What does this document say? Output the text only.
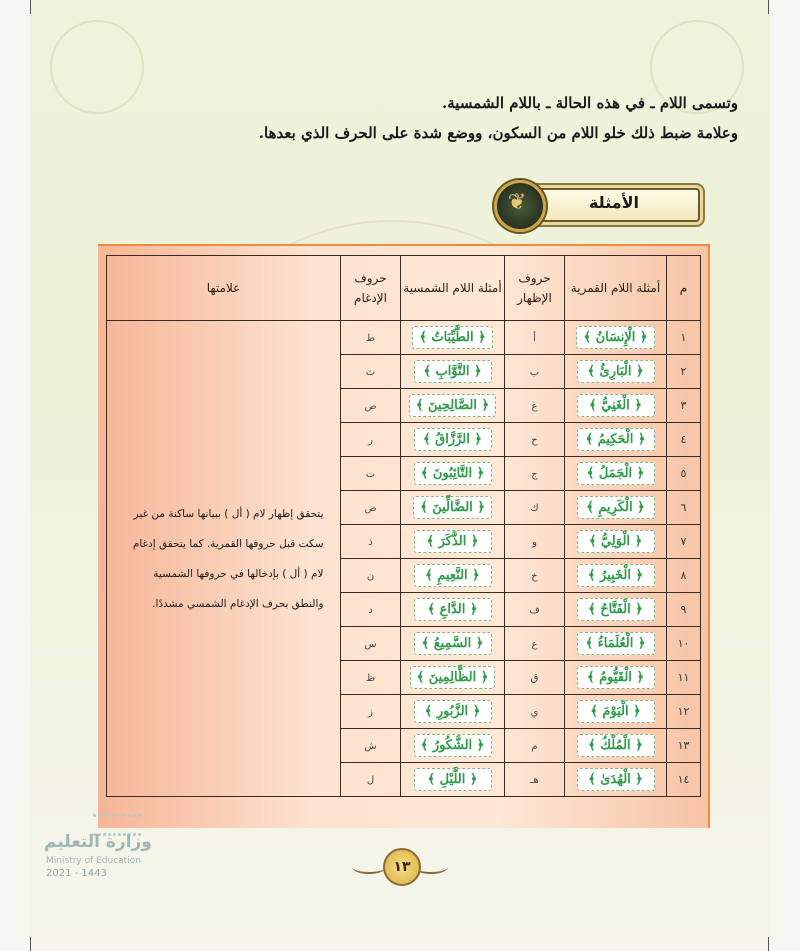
وتسمى اللام ـ في هذه الحالة ـ باللام الشمسية.
وعلامة ضبط ذلك خلو اللام من السكون، ووضع شدة على الحرف الذي بعدها.
الأمثلة
❦
م	أمثلة اللام القمرية	حروف الإظهار	أمثلة اللام الشمسية	حروف الإدغام	علامتها
١	﴿ الْإِنسَانُ ﴾	أ	﴿ الطَّيِّبَاتُ ﴾	ط	يتحقق إظهار لام ( أل ) ببيانها ساكنة من غير سكت قبل حروفها القمرية. كما يتحقق إدغام لام ( أل ) بإدخالها في حروفها الشمسية والنطق بحرف الإدغام الشمسي مشددًا.

٢	﴿ الْبَارِئُ ﴾	ب	﴿ التَّوَّابِ ﴾	ث	
٣	﴿ الْغَنِيُّ ﴾	غ	﴿ الصَّالِحِينَ ﴾	ص	
٤	﴿ الْحَكِيمُ ﴾	ح	﴿ الرَّزَّاقُ ﴾	ر	
٥	﴿ الْجَمَلُ ﴾	ج	﴿ التَّائِبُونَ ﴾	ت	
٦	﴿ الْكَرِيمِ ﴾	ك	﴿ الضَّالِّينَ ﴾	ض	
٧	﴿ الْوَلِيُّ ﴾	و	﴿ الذَّكَرَ ﴾	ذ	
٨	﴿ الْخَبِيرُ ﴾	خ	﴿ النَّعِيمِ ﴾	ن	
٩	﴿ الْفَتَّاحُ ﴾	ف	﴿ الدَّاعِ ﴾	د	
١٠	﴿ الْعُلَمَاءُ ﴾	ع	﴿ السَّمِيعُ ﴾	س	
١١	﴿ الْقَيُّومُ ﴾	ق	﴿ الظَّالِمِينَ ﴾	ظ	
١٢	﴿ الْيَوْمَ ﴾	ي	﴿ الزَّبُورِ ﴾	ز	
١٣	﴿ الْمُلْكُ ﴾	م	﴿ الشَّكُورُ ﴾	ش	
١٤	﴿ الْهُدَىٰ ﴾	هـ	﴿ اللَّيْلِ ﴾	ل	

وزارة التعليم
Ministry of Education
2021 - 1443	١٣
